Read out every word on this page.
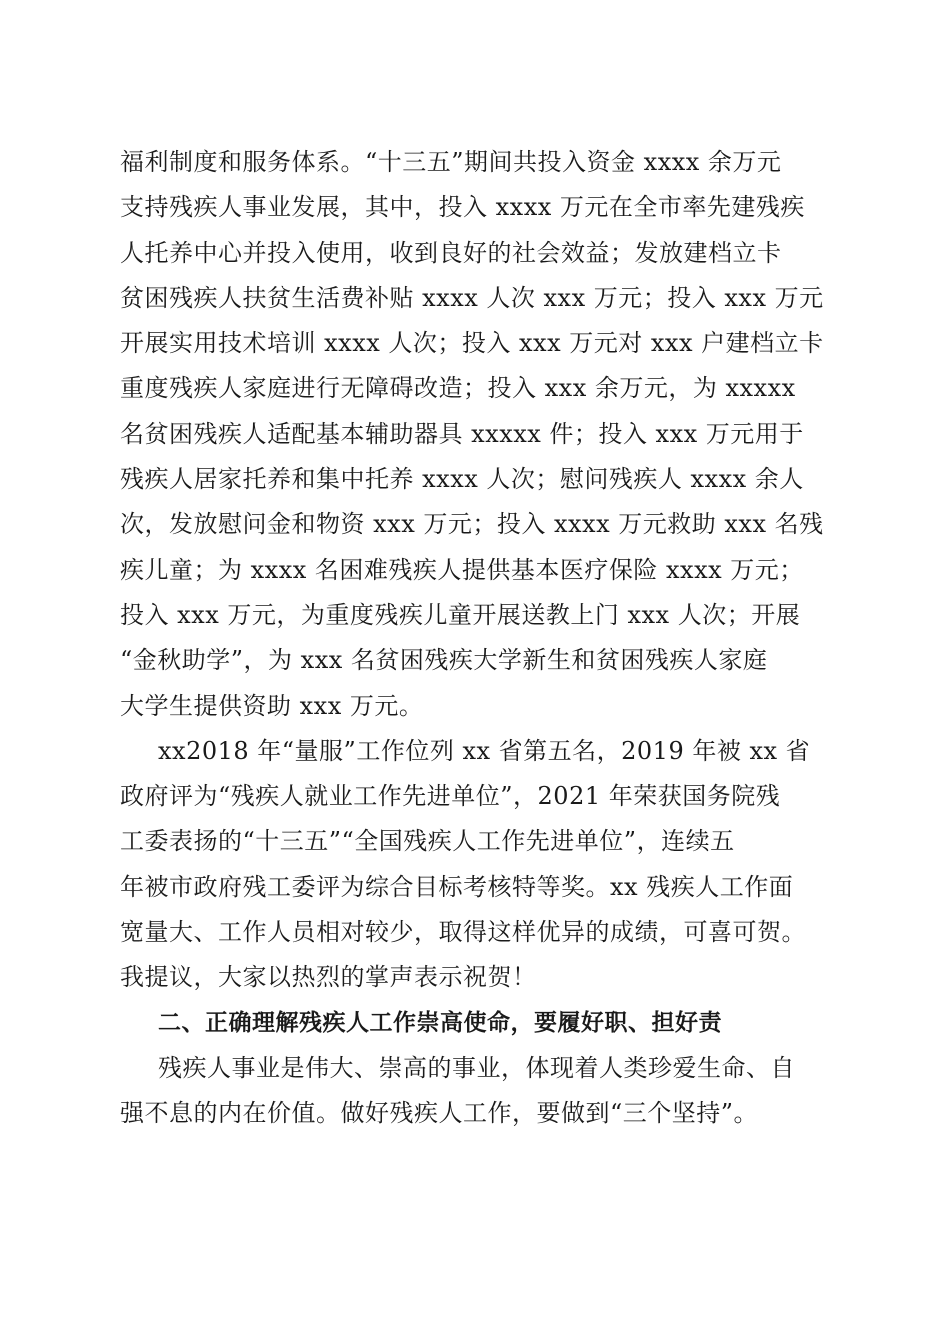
福利制度和服务体系。“十三五”期间共投入资金 xxxx 余万元
支持残疾人事业发展，其中，投入 xxxx 万元在全市率先建残疾
人托养中心并投入使用，收到良好的社会效益；发放建档立卡
贫困残疾人扶贫生活费补贴 xxxx 人次 xxx 万元；投入 xxx 万元
开展实用技术培训 xxxx 人次；投入 xxx 万元对 xxx 户建档立卡
重度残疾人家庭进行无障碍改造；投入 xxx 余万元，为 xxxxx
名贫困残疾人适配基本辅助器具 xxxxx 件；投入 xxx 万元用于
残疾人居家托养和集中托养 xxxx 人次；慰问残疾人 xxxx 余人
次，发放慰问金和物资 xxx 万元；投入 xxxx 万元救助 xxx 名残
疾儿童；为 xxxx 名困难残疾人提供基本医疗保险 xxxx 万元；
投入 xxx 万元，为重度残疾儿童开展送教上门 xxx 人次；开展
“金秋助学”，为 xxx 名贫困残疾大学新生和贫困残疾人家庭
大学生提供资助 xxx 万元。
xx2018 年“量服”工作位列 xx 省第五名，2019 年被 xx 省
政府评为“残疾人就业工作先进单位”，2021 年荣获国务院残
工委表扬的“十三五”“全国残疾人工作先进单位”，连续五
年被市政府残工委评为综合目标考核特等奖。xx 残疾人工作面
宽量大、工作人员相对较少，取得这样优异的成绩，可喜可贺。
我提议，大家以热烈的掌声表示祝贺！
二、正确理解残疾人工作崇高使命，要履好职、担好责
残疾人事业是伟大、崇高的事业，体现着人类珍爱生命、自
强不息的内在价值。做好残疾人工作，要做到“三个坚持”。
